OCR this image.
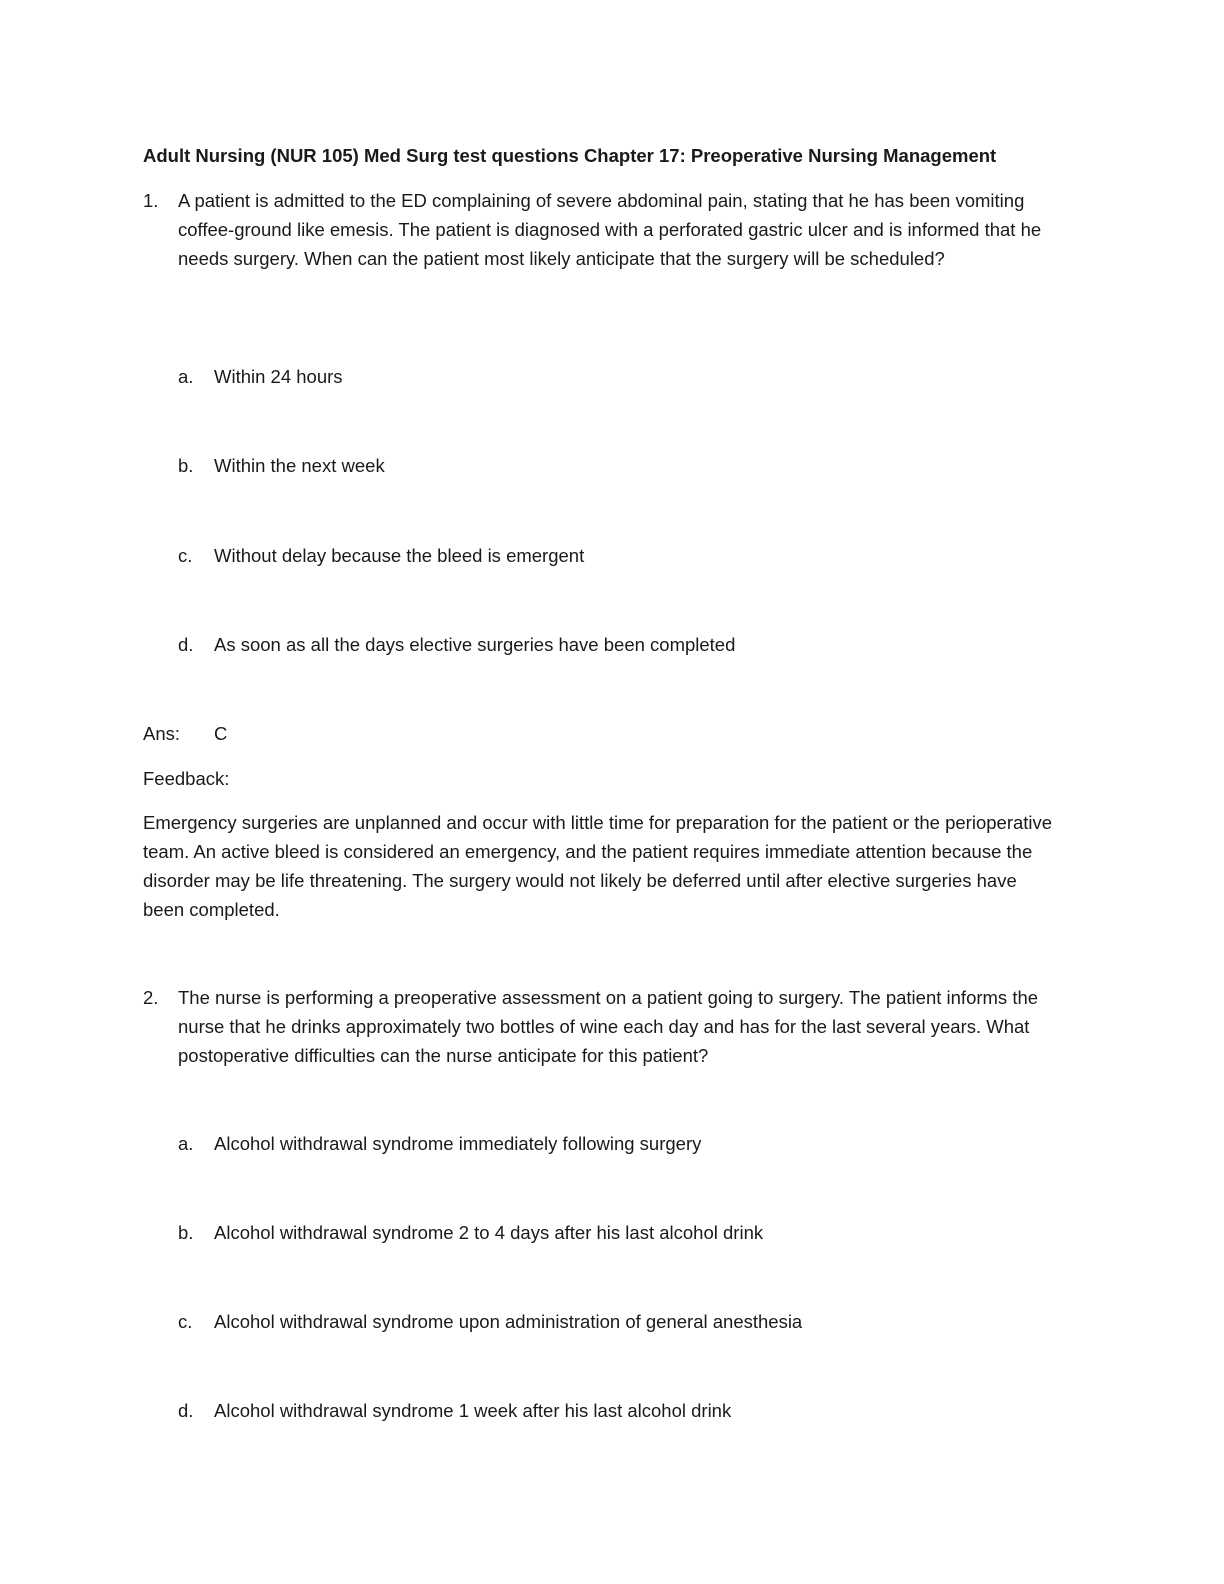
Adult Nursing (NUR 105) Med Surg test questions Chapter 17: Preoperative Nursing Management
1. A patient is admitted to the ED complaining of severe abdominal pain, stating that he has been vomiting coffee-ground like emesis. The patient is diagnosed with a perforated gastric ulcer and is informed that he needs surgery. When can the patient most likely anticipate that the surgery will be scheduled?
a. Within 24 hours
b. Within the next week
c. Without delay because the bleed is emergent
d. As soon as all the days elective surgeries have been completed
Ans: C
Feedback:
Emergency surgeries are unplanned and occur with little time for preparation for the patient or the perioperative team. An active bleed is considered an emergency, and the patient requires immediate attention because the disorder may be life threatening. The surgery would not likely be deferred until after elective surgeries have been completed.
2. The nurse is performing a preoperative assessment on a patient going to surgery. The patient informs the nurse that he drinks approximately two bottles of wine each day and has for the last several years. What postoperative difficulties can the nurse anticipate for this patient?
a. Alcohol withdrawal syndrome immediately following surgery
b. Alcohol withdrawal syndrome 2 to 4 days after his last alcohol drink
c. Alcohol withdrawal syndrome upon administration of general anesthesia
d. Alcohol withdrawal syndrome 1 week after his last alcohol drink
